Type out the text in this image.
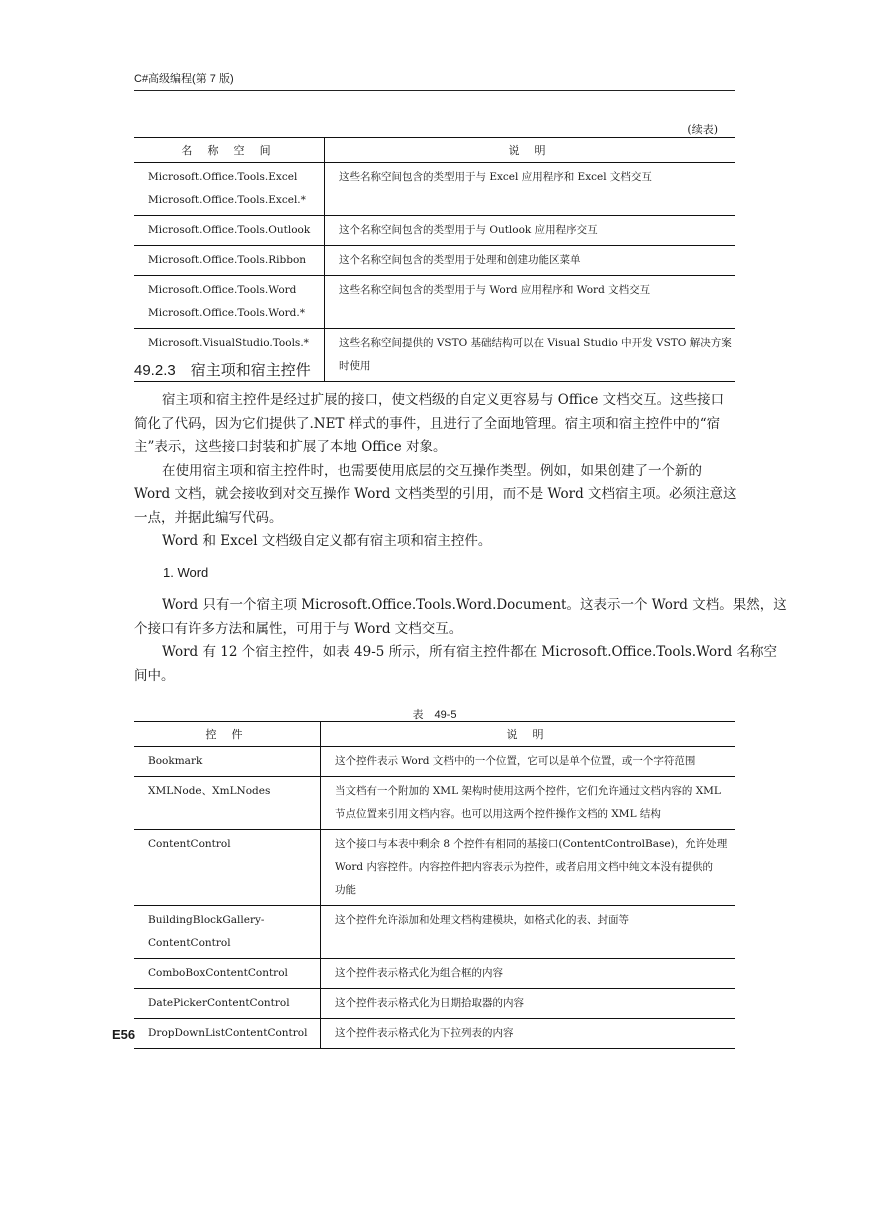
C#高级编程(第 7 版)
(续表)
名 称 空 间	说 明

Microsoft.Office.Tools.Excel
Microsoft.Office.Tools.Excel.*	这些名称空间包含的类型用于与 Excel 应用程序和 Excel 文档交互

Microsoft.Office.Tools.Outlook	这个名称空间包含的类型用于与 Outlook 应用程序交互

Microsoft.Office.Tools.Ribbon	这个名称空间包含的类型用于处理和创建功能区菜单

Microsoft.Office.Tools.Word
Microsoft.Office.Tools.Word.*	这些名称空间包含的类型用于与 Word 应用程序和 Word 文档交互

Microsoft.VisualStudio.Tools.*	这些名称空间提供的 VSTO 基础结构可以在 Visual Studio 中开发 VSTO 解决方案
时使用
49.2.3　宿主项和宿主控件
宿主项和宿主控件是经过扩展的接口，使文档级的自定义更容易与 Office 文档交互。这些接口
简化了代码，因为它们提供了.NET 样式的事件，且进行了全面地管理。宿主项和宿主控件中的“宿
主”表示，这些接口封装和扩展了本地 Office 对象。
在使用宿主项和宿主控件时，也需要使用底层的交互操作类型。例如，如果创建了一个新的
Word 文档，就会接收到对交互操作 Word 文档类型的引用，而不是 Word 文档宿主项。必须注意这
一点，并据此编写代码。
Word 和 Excel 文档级自定义都有宿主项和宿主控件。
1. Word
Word 只有一个宿主项 Microsoft.Office.Tools.Word.Document。这表示一个 Word 文档。果然，这
个接口有许多方法和属性，可用于与 Word 文档交互。
Word 有 12 个宿主控件，如表 49-5 所示，所有宿主控件都在 Microsoft.Office.Tools.Word 名称空
间中。
表　49-5
控 件	说 明

Bookmark	这个控件表示 Word 文档中的一个位置，它可以是单个位置，或一个字符范围

XMLNode、XmLNodes	当文档有一个附加的 XML 架构时使用这两个控件，它们允许通过文档内容的 XML
节点位置来引用文档内容。也可以用这两个控件操作文档的 XML 结构

ContentControl	这个接口与本表中剩余 8 个控件有相同的基接口(ContentControlBase)，允许处理
Word 内容控件。内容控件把内容表示为控件，或者启用文档中纯文本没有提供的
功能

BuildingBlockGallery-
ContentControl	这个控件允许添加和处理文档构建模块，如格式化的表、封面等

ComboBoxContentControl	这个控件表示格式化为组合框的内容

DatePickerContentControl	这个控件表示格式化为日期拾取器的内容

DropDownListContentControl	这个控件表示格式化为下拉列表的内容
E56
